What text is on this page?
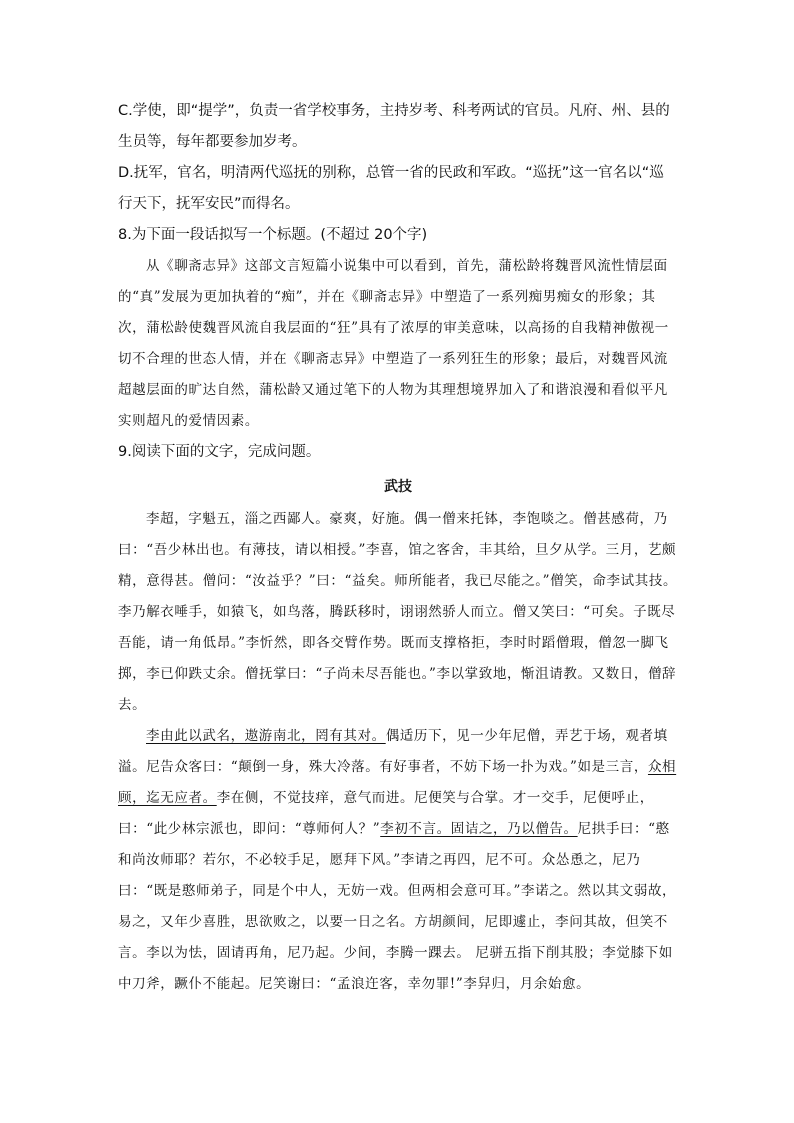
C.学使，即“提学”，负责一省学校事务，主持岁考、科考两试的官员。凡府、州、县的生员等，每年都要参加岁考。

D.抚军，官名，明清两代巡抚的别称，总管一省的民政和军政。“巡抚”这一官名以“巡行天下，抚军安民”而得名。

8.为下面一段话拟写一个标题。(不超过 20个字)

从《聊斋志异》这部文言短篇小说集中可以看到，首先，蒲松龄将魏晋风流性情层面的“真”发展为更加执着的“痴”，并在《聊斋志异》中塑造了一系列痴男痴女的形象；其次，蒲松龄使魏晋风流自我层面的“狂”具有了浓厚的审美意味，以高扬的自我精神傲视一切不合理的世态人情，并在《聊斋志异》中塑造了一系列狂生的形象；最后，对魏晋风流超越层面的旷达自然，蒲松龄又通过笔下的人物为其理想境界加入了和谐浪漫和看似平凡实则超凡的爱情因素。

9.阅读下面的文字，完成问题。

武技

李超，字魁五，淄之西鄙人。豪爽，好施。偶一僧来托钵，李饱啖之。僧甚感荷，乃曰：“吾少林出也。有薄技，请以相授。”李喜，馆之客舍，丰其给，旦夕从学。三月，艺颇精，意得甚。僧问：“汝益乎？”曰：“益矣。师所能者，我已尽能之。”僧笑，命李试其技。李乃解衣唾手，如猿飞，如鸟落，腾跃移时，诩诩然骄人而立。僧又笑曰：“可矣。子既尽吾能，请一角低昂。”李忻然，即各交臂作势。既而支撑格拒，李时时蹈僧瑕，僧忽一脚飞掷，李已仰跌丈余。僧抚掌曰：“子尚未尽吾能也。”李以掌致地，惭沮请教。又数日，僧辞去。

李由此以武名，遨游南北，罔有其对。偶适历下，见一少年尼僧，弄艺于场，观者填溢。尼告众客曰：“颠倒一身，殊大冷落。有好事者，不妨下场一扑为戏。”如是三言，众相顾，迄无应者。李在侧，不觉技痒，意气而进。尼便笑与合掌。才一交手，尼便呼止，曰：“此少林宗派也，即问：“尊师何人？”李初不言。固诘之，乃以僧告。尼拱手曰：“憨和尚汝师耶？若尔，不必较手足，愿拜下风。”李请之再四，尼不可。众怂恿之，尼乃曰：“既是憨师弟子，同是个中人，无妨一戏。但两相会意可耳。”李诺之。然以其文弱故，易之，又年少喜胜，思欲败之，以要一日之名。方胡颜间，尼即遽止，李问其故，但笑不言。李以为怯，固请再角，尼乃起。少间，李腾一踝去。 尼骈五指下削其股；李觉膝下如中刀斧，蹶仆不能起。尼笑谢曰：“孟浪迕客，幸勿罪!”李舁归，月余始愈。
